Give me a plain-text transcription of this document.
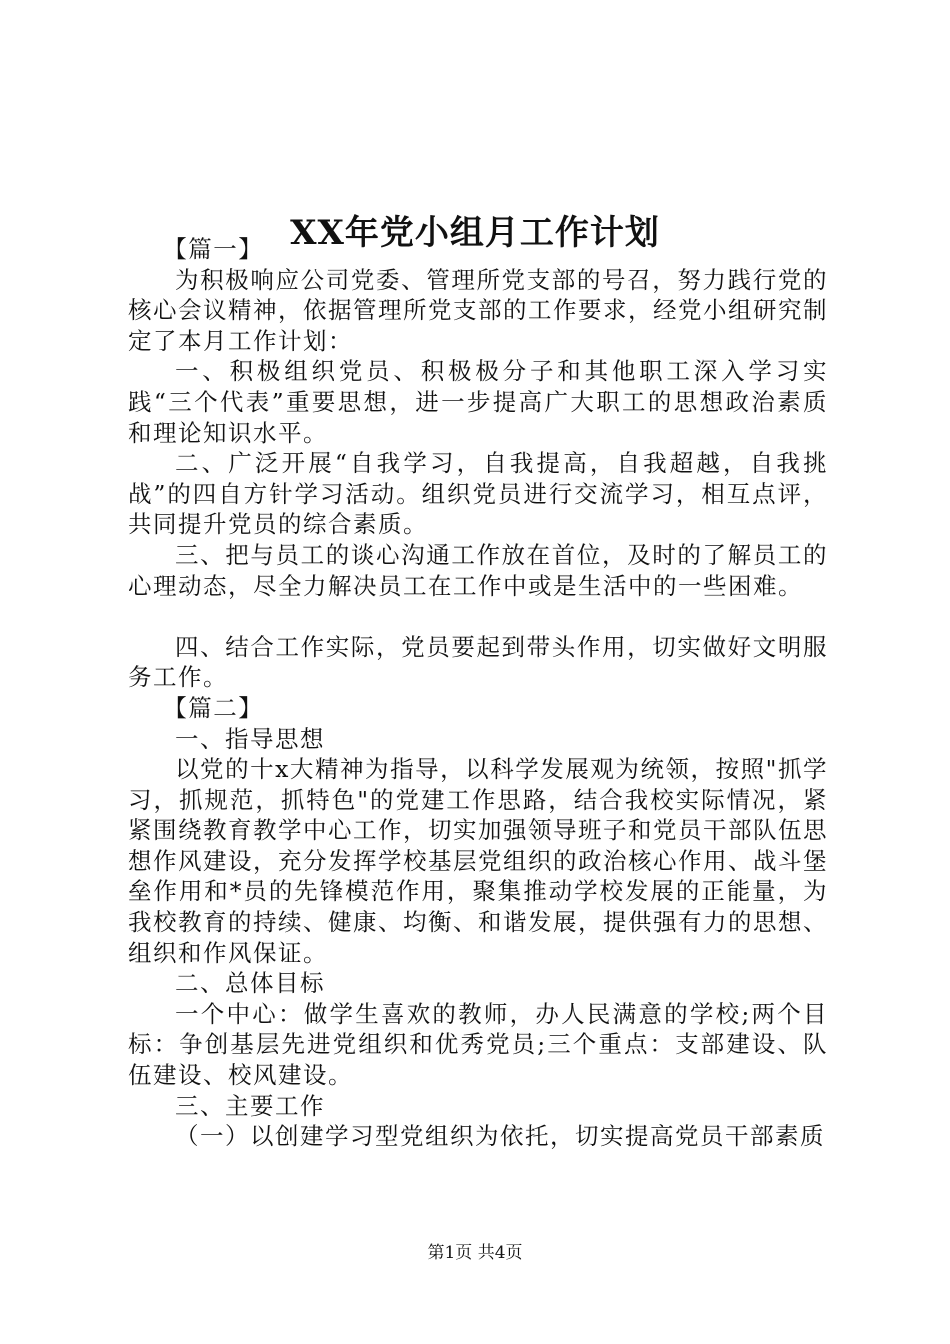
XX年党小组月工作计划

【篇一】

为积极响应公司党委、管理所党支部的号召，努力践行党的核心会议精神，依据管理所党支部的工作要求，经党小组研究制定了本月工作计划：

一、积极组织党员、积极极分子和其他职工深入学习实践“三个代表”重要思想，进一步提高广大职工的思想政治素质和理论知识水平。

二、广泛开展“自我学习，自我提高，自我超越，自我挑战”的四自方针学习活动。组织党员进行交流学习，相互点评，共同提升党员的综合素质。

三、把与员工的谈心沟通工作放在首位，及时的了解员工的心理动态，尽全力解决员工在工作中或是生活中的一些困难。

四、结合工作实际，党员要起到带头作用，切实做好文明服务工作。

【篇二】

一、指导思想

以党的十x大精神为指导，以科学发展观为统领，按照"抓学习，抓规范，抓特色"的党建工作思路，结合我校实际情况，紧紧围绕教育教学中心工作，切实加强领导班子和党员干部队伍思想作风建设，充分发挥学校基层党组织的政治核心作用、战斗堡垒作用和*员的先锋模范作用，聚集推动学校发展的正能量，为我校教育的持续、健康、均衡、和谐发展，提供强有力的思想、组织和作风保证。

二、总体目标

一个中心：做学生喜欢的教师，办人民满意的学校;两个目标：争创基层先进党组织和优秀党员;三个重点：支部建设、队伍建设、校风建设。

三、主要工作

（一）以创建学习型党组织为依托，切实提高党员干部素质

第1页 共4页
